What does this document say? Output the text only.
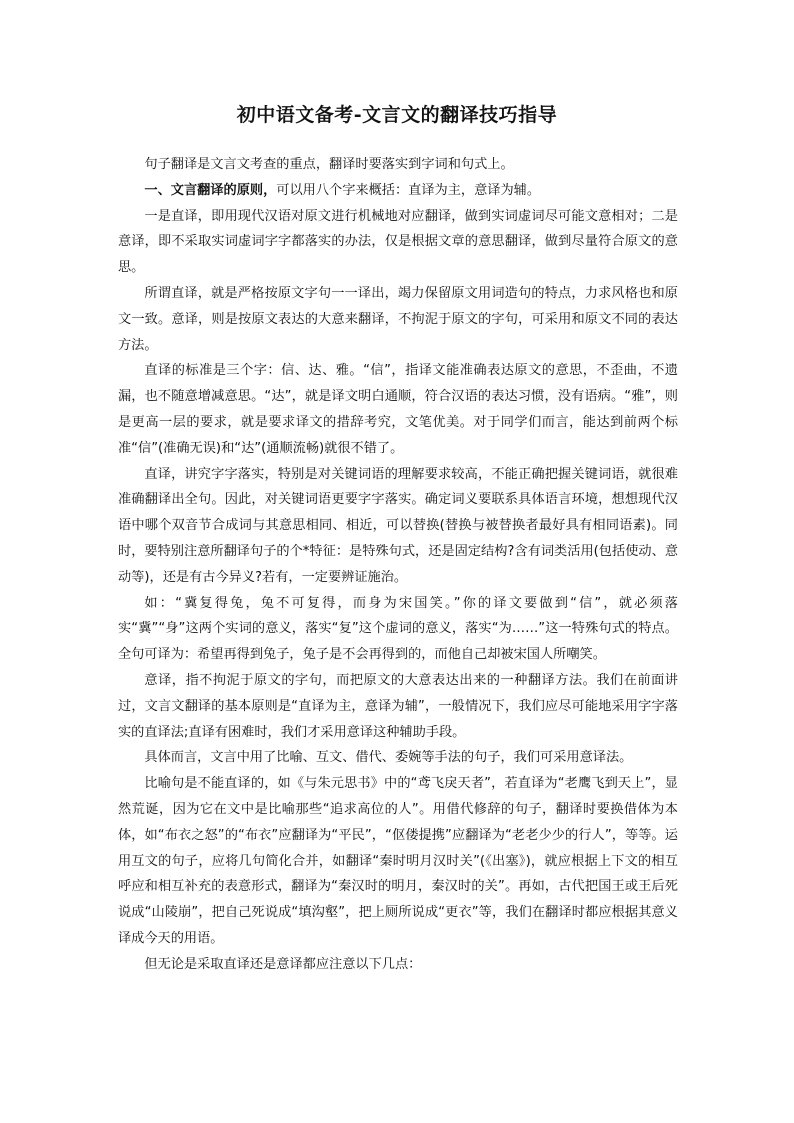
初中语文备考-文言文的翻译技巧指导

句子翻译是文言文考查的重点，翻译时要落实到字词和句式上。

一、文言翻译的原则，可以用八个字来概括：直译为主，意译为辅。

一是直译，即用现代汉语对原文进行机械地对应翻译，做到实词虚词尽可能文意相对；二是意译，即不采取实词虚词字字都落实的办法，仅是根据文章的意思翻译，做到尽量符合原文的意思。

所谓直译，就是严格按原文字句一一译出，竭力保留原文用词造句的特点，力求风格也和原文一致。意译，则是按原文表达的大意来翻译，不拘泥于原文的字句，可采用和原文不同的表达方法。

直译的标准是三个字：信、达、雅。“信”，指译文能准确表达原文的意思，不歪曲，不遗漏，也不随意增减意思。“达”，就是译文明白通顺，符合汉语的表达习惯，没有语病。“雅”，则是更高一层的要求，就是要求译文的措辞考究，文笔优美。对于同学们而言，能达到前两个标准“信”(准确无误)和“达”(通顺流畅)就很不错了。

直译，讲究字字落实，特别是对关键词语的理解要求较高，不能正确把握关键词语，就很难准确翻译出全句。因此，对关键词语更要字字落实。确定词义要联系具体语言环境，想想现代汉语中哪个双音节合成词与其意思相同、相近，可以替换(替换与被替换者最好具有相同语素)。同时，要特别注意所翻译句子的个*特征：是特殊句式，还是固定结构?含有词类活用(包括使动、意动等)，还是有古今异义?若有，一定要辨证施治。

如：“冀复得兔，兔不可复得，而身为宋国笑。”你的译文要做到“信”，就必须落实“冀”“身”这两个实词的意义，落实“复”这个虚词的意义，落实“为……”这一特殊句式的特点。全句可译为：希望再得到兔子，兔子是不会再得到的，而他自己却被宋国人所嘲笑。

意译，指不拘泥于原文的字句，而把原文的大意表达出来的一种翻译方法。我们在前面讲过，文言文翻译的基本原则是“直译为主，意译为辅”，一般情况下，我们应尽可能地采用字字落实的直译法;直译有困难时，我们才采用意译这种辅助手段。

具体而言，文言中用了比喻、互文、借代、委婉等手法的句子，我们可采用意译法。

比喻句是不能直译的，如《与朱元思书》中的“鸢飞戾天者”，若直译为“老鹰飞到天上”，显然荒诞，因为它在文中是比喻那些“追求高位的人”。用借代修辞的句子，翻译时要换借体为本体，如“布衣之怒”的“布衣”应翻译为“平民”，“伛偻提携”应翻译为“老老少少的行人”，等等。运用互文的句子，应将几句简化合并，如翻译“秦时明月汉时关”(《出塞》)，就应根据上下文的相互呼应和相互补充的表意形式，翻译为“秦汉时的明月，秦汉时的关”。再如，古代把国王或王后死说成“山陵崩”，把自己死说成“填沟壑”，把上厕所说成“更衣”等，我们在翻译时都应根据其意义译成今天的用语。

但无论是采取直译还是意译都应注意以下几点：
